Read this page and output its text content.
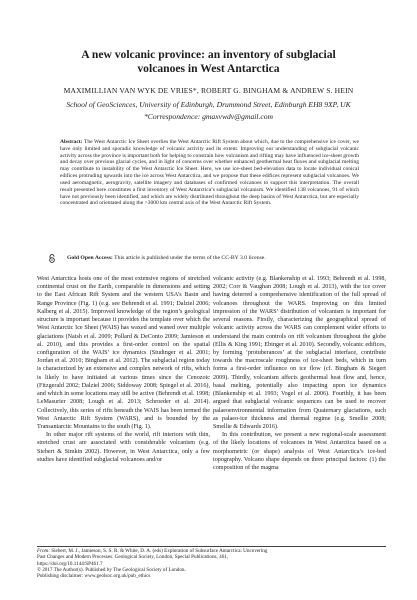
A new volcanic province: an inventory of subglacial
volcanoes in West Antarctica

MAXIMILLIAN VAN WYK DE VRIES*, ROBERT G. BINGHAM & ANDREW S. HEIN

School of GeoSciences, University of Edinburgh, Drummond Street, Edinburgh EH8 9XP, UK

*Correspondence: gmaxvwdv@gmail.com

Abstract: The West Antarctic Ice Sheet overlies the West Antarctic Rift System about which, due to the comprehensive ice cover, we have only limited and sporadic knowledge of volcanic activity and its extent. Improving our understanding of subglacial volcanic activity across the province is important both for helping to constrain how volcanism and rifting may have influenced ice-sheet growth and decay over previous glacial cycles, and in light of concerns over whether enhanced geothermal heat fluxes and subglacial melting may contribute to instability of the West Antarctic Ice Sheet. Here, we use ice-sheet bed-elevation data to locate individual conical edifices protruding upwards into the ice across West Antarctica, and we propose that these edifices represent subglacial volcanoes. We used aeromagnetic, aerogravity, satellite imagery and databases of confirmed volcanoes to support this interpretation. The overall result presented here constitutes a first inventory of West Antarctica’s subglacial volcanism. We identified 138 volcanoes, 91 of which have not previously been identified, and which are widely distributed throughout the deep basins of West Antarctica, but are especially concentrated and orientated along the >3000 km central axis of the West Antarctic Rift System.

Gold Open Access: This article is published under the terms of the CC-BY 3.0 license.

West Antarctica hosts one of the most extensive regions of stretched continental crust on the Earth, comparable in dimensions and setting to the East African Rift System and the western USA’s Basin and Range Province (Fig. 1) (e.g. see Behrendt et al. 1991; Dalziel 2006; Kalberg et al. 2015). Improved knowledge of the region’s geological structure is important because it provides the template over which the West Antarctic Ice Sheet (WAIS) has waxed and waned over multiple glaciations (Naish et al. 2009; Pollard & DeConto 2009; Jamieson et al. 2010), and this provides a first-order control on the spatial configuration of the WAIS’ ice dynamics (Studinger et al. 2001; Jordan et al. 2010; Bingham et al. 2012). The subglacial region today is characterized by an extensive and complex network of rifts, which is likely to have initiated at various times since the Cenozoic (Fitzgerald 2002; Dalziel 2006; Siddoway 2008; Spiegel et al. 2016), and which in some locations may still be active (Behrendt et al. 1998; LeMasurier 2008; Lough et al. 2013; Schroeder et al. 2014). Collectively, this series of rifts beneath the WAIS has been termed the West Antarctic Rift System (WARS), and is bounded by the Transantarctic Mountains to the south (Fig. 1).

In other major rift systems of the world, rift interiors with thin, stretched crust are associated with considerable volcanism (e.g. Siebert & Simkin 2002). However, in West Antarctica, only a few studies have identified subglacial volcanoes and/or

volcanic activity (e.g. Blankenship et al. 1993; Behrendt et al. 1998, 2002; Corr & Vaughan 2008; Lough et al. 2013), with the ice cover having deterred a comprehensive identification of the full spread of volcanoes throughout the WARS. Improving on this limited impression of the WARS’ distribution of volcanism is important for several reasons. Firstly, characterizing the geographical spread of volcanic activity across the WARS can complement wider efforts to understand the main controls on rift volcanism throughout the globe (Ellis & King 1991; Ebinger et al. 2010). Secondly, volcanic edifices, by forming ‘protuberances’ at the subglacial interface, contribute towards the macroscale roughness of ice-sheet beds, which in turn forms a first-order influence on ice flow (cf. Bingham & Siegert 2009). Thirdly, volcanism affects geothermal heat flow and, hence, basal melting, potentially also impacting upon ice dynamics (Blankenship et al. 1993; Vogel et al. 2006). Fourthly, it has been argued that subglacial volcanic sequences can be used to recover palaeoenvironmental information from Quaternary glaciations, such as palaeo-ice thickness and thermal regime (e.g. Smellie 2008; Smellie & Edwards 2016).

In this contribution, we present a new regional-scale assessment of the likely locations of volcanoes in West Antarctica based on a morphometric (or shape) analysis of West Antarctica’s ice-bed topography. Volcano shape depends on three principal factors: (1) the composition of the magma

From: Siebert, M. J., Jamieson, S. S. R. & White, D. A. (eds) Exploration of Subsurface Antarctica: Uncovering
Past Changes and Modern Processes. Geological Society, London, Special Publications, 461,
https://doi.org/10.1144/SP461.7
© 2017 The Author(s). Published by The Geological Society of London.
Publishing disclaimer: www.geolsoc.org.uk/pub_ethics
